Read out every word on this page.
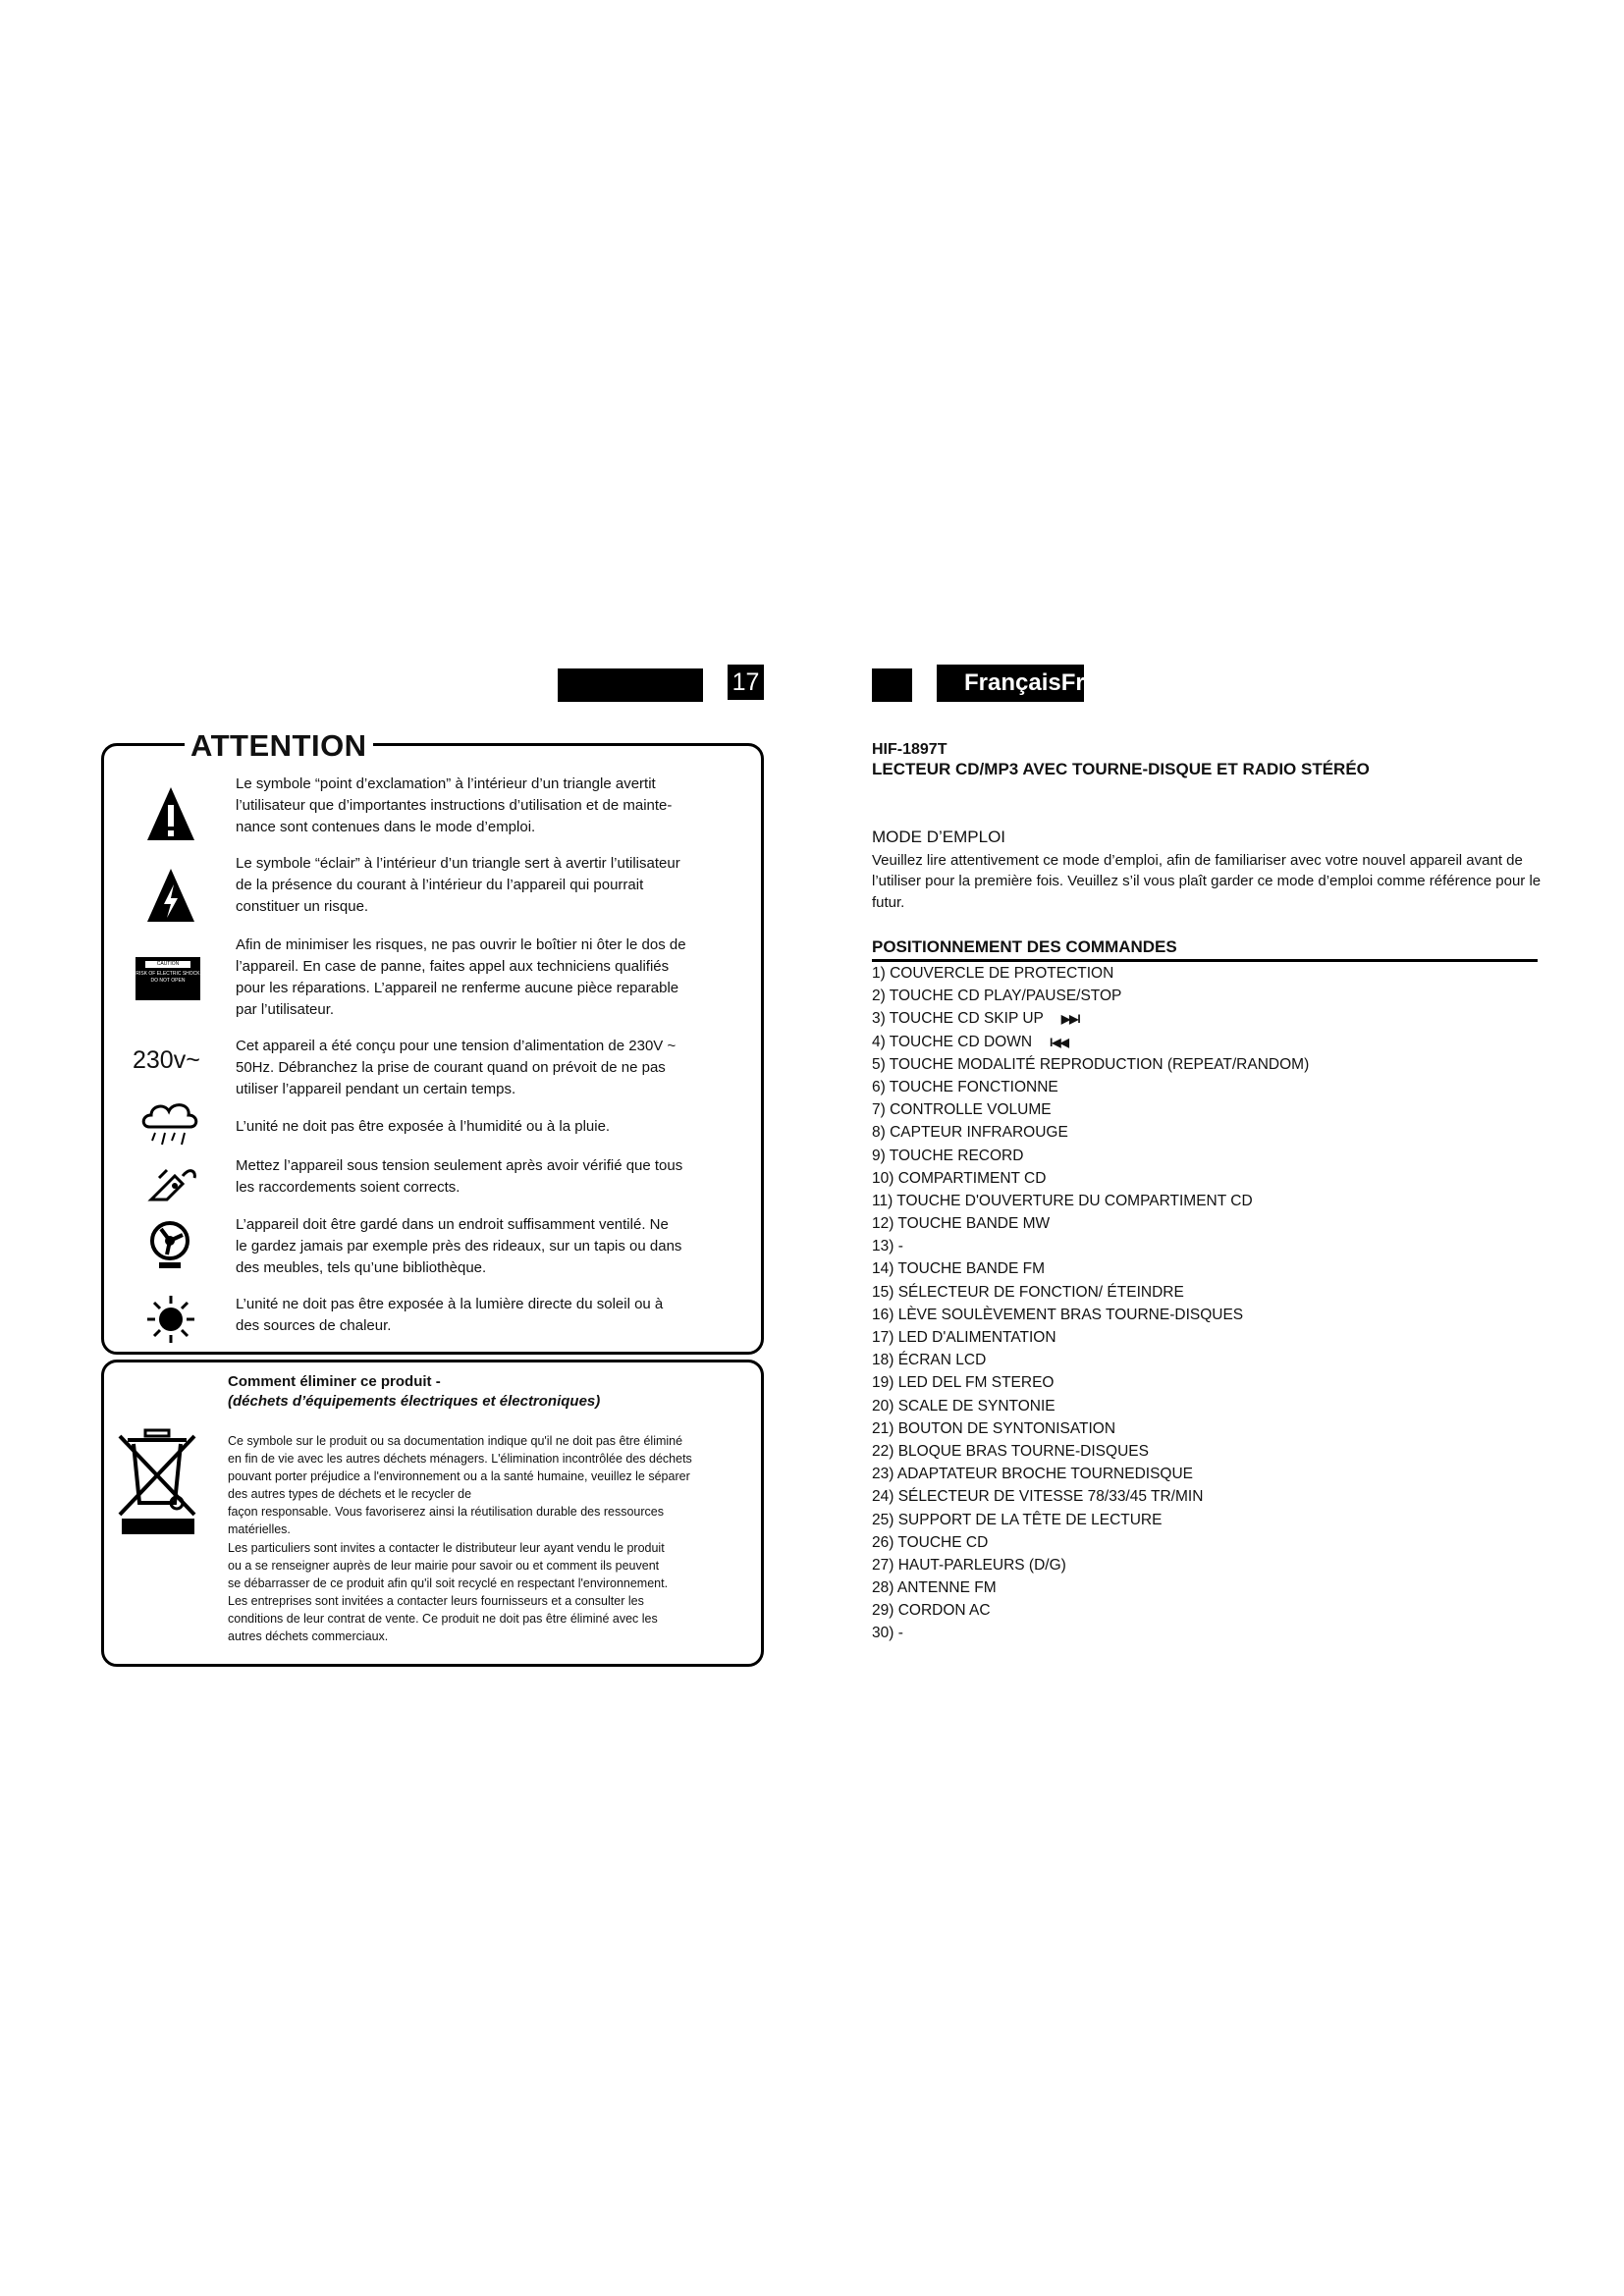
17	FrançaisFra
ATTENTION
CAUTION
RISK OF ELECTRIC SHOCK
DO NOT OPEN
230v~
Le symbole “point d’exclamation” à l’intérieur d’un triangle avertit
l’utilisateur que d’importantes instructions d’utilisation et de mainte-
nance sont contenues dans le mode d’emploi.
Le symbole “éclair” à l’intérieur d’un triangle sert à avertir l’utilisateur
de la présence du courant à l’intérieur du l’appareil qui pourrait
constituer un risque.
Afin de minimiser les risques, ne pas ouvrir le boîtier ni ôter le dos de
l’appareil. En case de panne, faites appel aux techniciens qualifiés
pour les réparations. L’appareil ne renferme aucune pièce reparable
par l’utilisateur.
Cet appareil a été conçu pour une tension d’alimentation de 230V ~
50Hz. Débranchez la prise de courant quand on prévoit de ne pas
utiliser l’appareil pendant un certain temps.
L’unité ne doit pas être exposée à l’humidité ou à la pluie.
Mettez l’appareil sous tension seulement après avoir vérifié que tous
les raccordements soient corrects.
L’appareil doit être gardé dans un endroit suffisamment ventilé. Ne
le gardez jamais par exemple près des rideaux, sur un tapis ou dans
des meubles, tels qu’une bibliothèque.
L’unité ne doit pas être exposée à la lumière directe du soleil ou à
des sources de chaleur.
Comment éliminer ce produit -
(déchets d’équipements électriques et électroniques)
Ce symbole sur le produit ou sa documentation indique qu'il ne doit pas être éliminé
en fin de vie avec les autres déchets ménagers. L'élimination incontrôlée des déchets
pouvant porter préjudice a l'environnement ou a la santé humaine, veuillez le séparer
des autres types de déchets et le recycler de
façon responsable. Vous favoriserez ainsi la réutilisation durable des ressources
matérielles.
Les particuliers sont invites a contacter le distributeur leur ayant vendu le produit
ou a se renseigner auprès de leur mairie pour savoir ou et comment ils peuvent
se débarrasser de ce produit afin qu'il soit recyclé en respectant l'environnement.
Les entreprises sont invitées a contacter leurs fournisseurs et a consulter les
conditions de leur contrat de vente. Ce produit ne doit pas être éliminé avec les
autres déchets commerciaux.
HIF-1897T
LECTEUR CD/MP3 AVEC TOURNE-DISQUE ET RADIO STÉRÉO
MODE D’EMPLOI
Veuillez lire attentivement ce mode d’emploi, afin de familiariser avec votre nouvel appareil avant de l’utiliser pour la première fois. Veuillez s’il vous plaît garder ce mode d’emploi comme référence pour le futur.
POSITIONNEMENT DES COMMANDES
1) COUVERCLE DE PROTECTION
2) TOUCHE CD PLAY/PAUSE/STOP
3) TOUCHE CD SKIP UP ▶▶I
4) TOUCHE CD DOWN I◀◀
5) TOUCHE MODALITÉ REPRODUCTION (REPEAT/RANDOM)
6) TOUCHE FONCTIONNE
7) CONTROLLE VOLUME
8) CAPTEUR INFRAROUGE
9) TOUCHE RECORD
10) COMPARTIMENT CD
11) TOUCHE D'OUVERTURE DU COMPARTIMENT CD
12) TOUCHE BANDE MW
13) -
14) TOUCHE BANDE FM
15) SÉLECTEUR DE FONCTION/ ÉTEINDRE
16) LÈVE SOULÈVEMENT BRAS TOURNE-DISQUES
17) LED D'ALIMENTATION
18) ÉCRAN LCD
19) LED DEL FM STEREO
20) SCALE DE SYNTONIE
21) BOUTON DE SYNTONISATION
22) BLOQUE BRAS TOURNE-DISQUES
23) ADAPTATEUR BROCHE TOURNEDISQUE
24) SÉLECTEUR DE VITESSE 78/33/45 TR/MIN
25) SUPPORT DE LA TÊTE DE LECTURE
26) TOUCHE CD
27) HAUT-PARLEURS (D/G)
28) ANTENNE FM
29) CORDON AC
30) -
